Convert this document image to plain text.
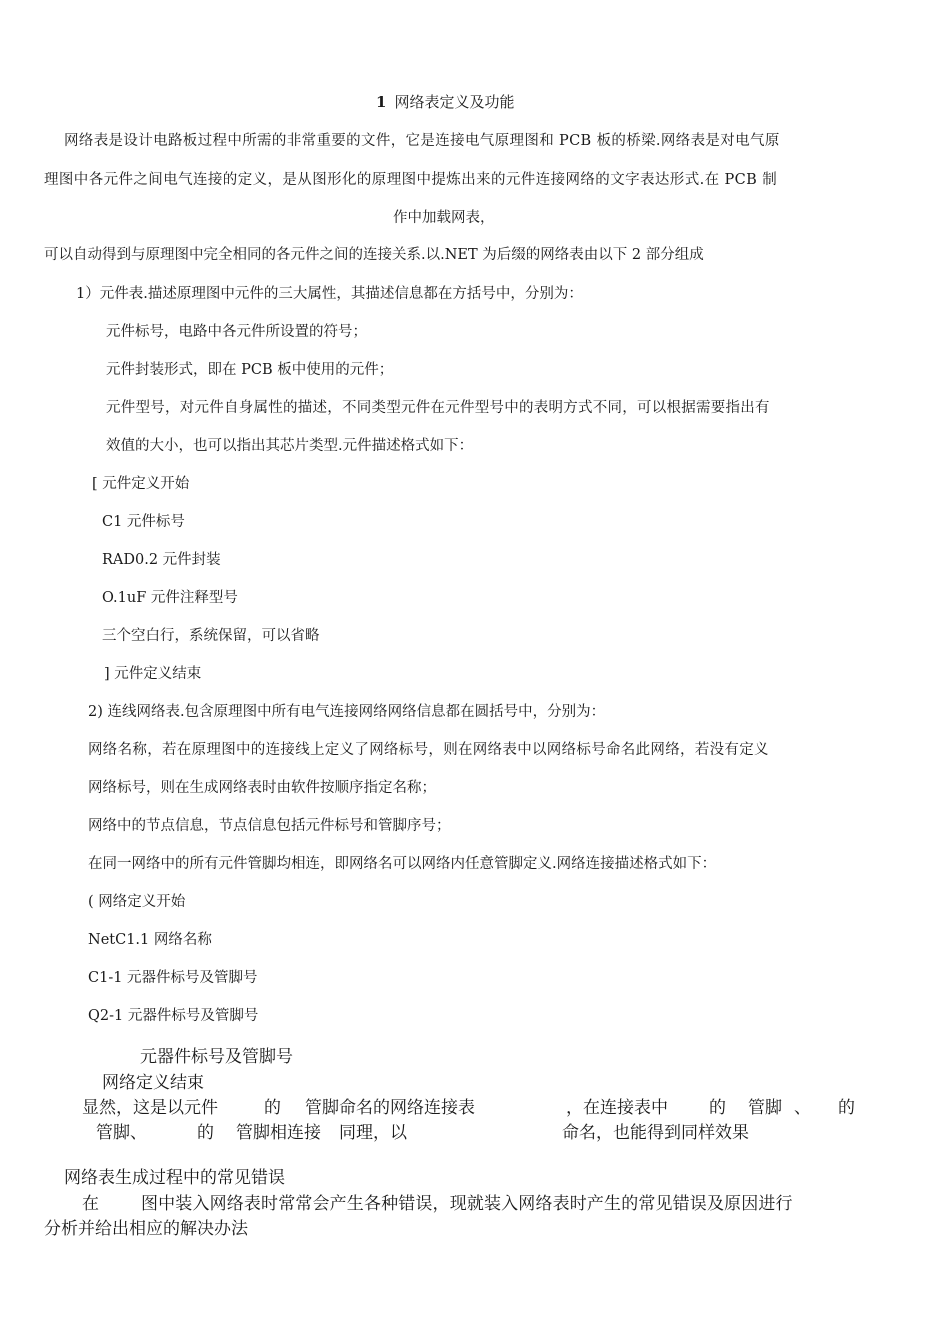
1 网络表定义及功能
网络表是设计电路板过程中所需的非常重要的文件，它是连接电气原理图和 PCB 板的桥梁.网络表是对电气原
理图中各元件之间电气连接的定义，是从图形化的原理图中提炼出来的元件连接网络的文字表达形式.在 PCB 制
作中加载网表，
可以自动得到与原理图中完全相同的各元件之间的连接关系.以.NET 为后缀的网络表由以下 2 部分组成
1）元件表.描述原理图中元件的三大属性，其描述信息都在方括号中，分别为：
元件标号，电路中各元件所设置的符号；
元件封装形式，即在 PCB 板中使用的元件；
元件型号，对元件自身属性的描述，不同类型元件在元件型号中的表明方式不同，可以根据需要指出有
效值的大小，也可以指出其芯片类型.元件描述格式如下：
[ 元件定义开始
C1 元件标号
RAD0.2 元件封装
O.1uF 元件注释型号
三个空白行，系统保留，可以省略
] 元件定义结束
2) 连线网络表.包含原理图中所有电气连接网络网络信息都在圆括号中，分别为：
网络名称，若在原理图中的连接线上定义了网络标号，则在网络表中以网络标号命名此网络，若没有定义
网络标号，则在生成网络表时由软件按顺序指定名称；
网络中的节点信息，节点信息包括元件标号和管脚序号；
在同一网络中的所有元件管脚均相连，即网络名可以网络内任意管脚定义.网络连接描述格式如下：
( 网络定义开始
NetC1.1 网络名称
C1-1 元器件标号及管脚号
Q2-1 元器件标号及管脚号
元器件标号及管脚号
网络定义结束
显然，这是以元件	的 管脚命名的网络连接表	，在连接表中 的 管脚 、 的
管脚、	的 管脚相连接 同理，以	命名，也能得到同样效果
网络表生成过程中的常见错误
在 图中装入网络表时常常会产生各种错误，现就装入网络表时产生的常见错误及原因进行
分析并给出相应的解决办法
